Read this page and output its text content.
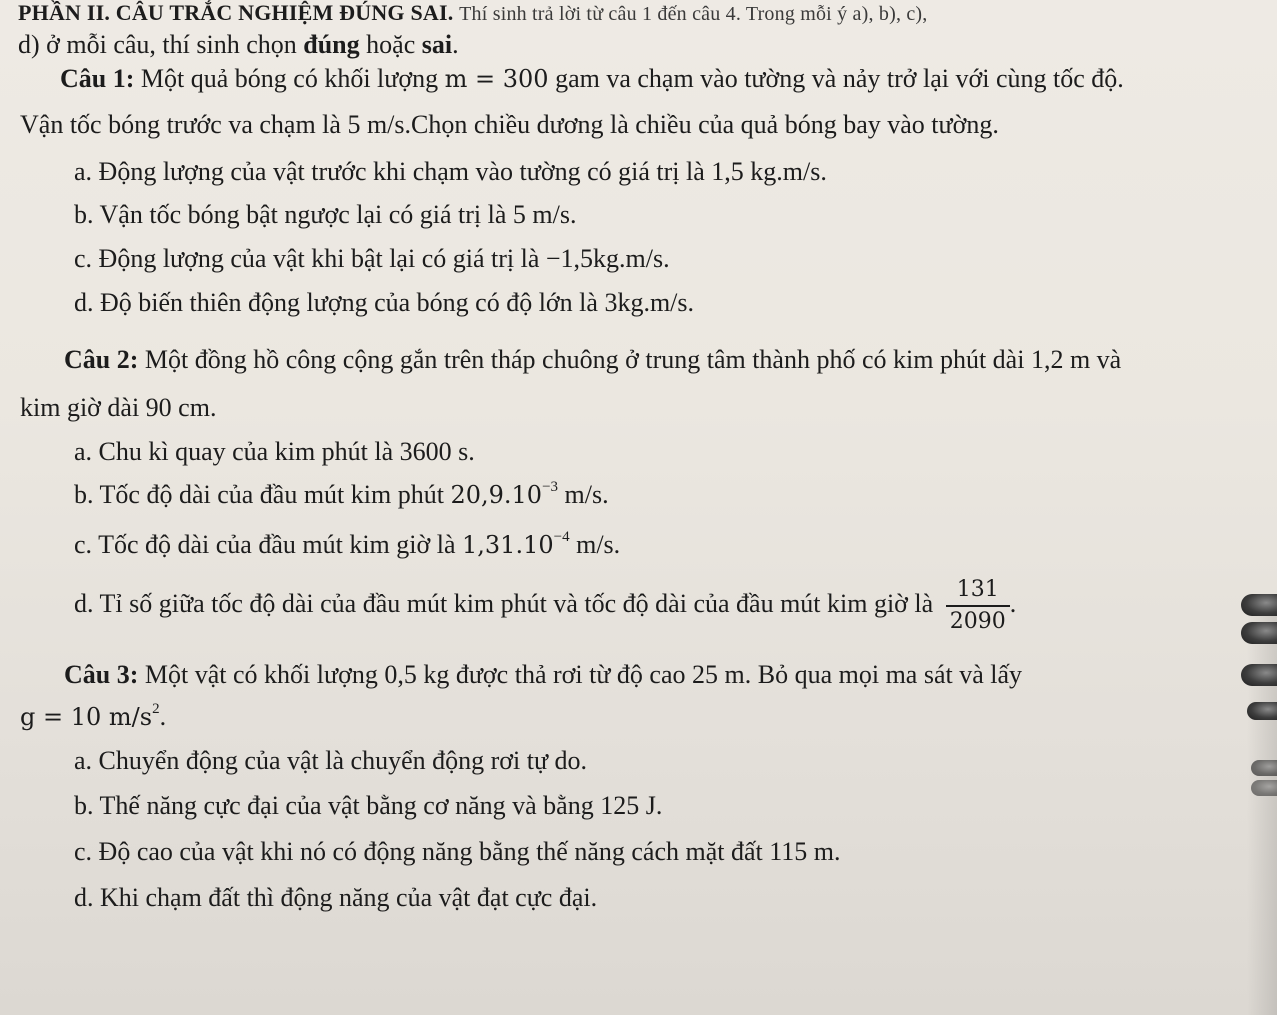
PHẦN II. CÂU TRẮC NGHIỆM ĐÚNG SAI. Thí sinh trả lời từ câu 1 đến câu 4. Trong mỗi ý a), b), c),
d) ở mỗi câu, thí sinh chọn đúng hoặc sai.
Câu 1: Một quả bóng có khối lượng m = 300 gam va chạm vào tường và nảy trở lại với cùng tốc độ.
Vận tốc bóng trước va chạm là 5 m/s.Chọn chiều dương là chiều của quả bóng bay vào tường.
a. Động lượng của vật trước khi chạm vào tường có giá trị là 1,5 kg.m/s.
b. Vận tốc bóng bật ngược lại có giá trị là 5 m/s.
c. Động lượng của vật khi bật lại có giá trị là −1,5kg.m/s.
d. Độ biến thiên động lượng của bóng có độ lớn là 3kg.m/s.
Câu 2: Một đồng hồ công cộng gắn trên tháp chuông ở trung tâm thành phố có kim phút dài 1,2 m và
kim giờ dài 90 cm.
a. Chu kì quay của kim phút là 3600 s.
b. Tốc độ dài của đầu mút kim phút $20,9.10^{-3}$ m/s.
c. Tốc độ dài của đầu mút kim giờ là $1,31.10^{-4}$ m/s.
d. Tỉ số giữa tốc độ dài của đầu mút kim phút và tốc độ dài của đầu mút kim giờ là $\frac{131}{2090}$ .
Câu 3: Một vật có khối lượng 0,5 kg được thả rơi từ độ cao 25 m. Bỏ qua mọi ma sát và lấy
g = 10 $m/s^2$.
a. Chuyển động của vật là chuyển động rơi tự do.
b. Thế năng cực đại của vật bằng cơ năng và bằng 125 J.
c. Độ cao của vật khi nó có động năng bằng thế năng cách mặt đất 115 m.
d. Khi chạm đất thì động năng của vật đạt cực đại.
